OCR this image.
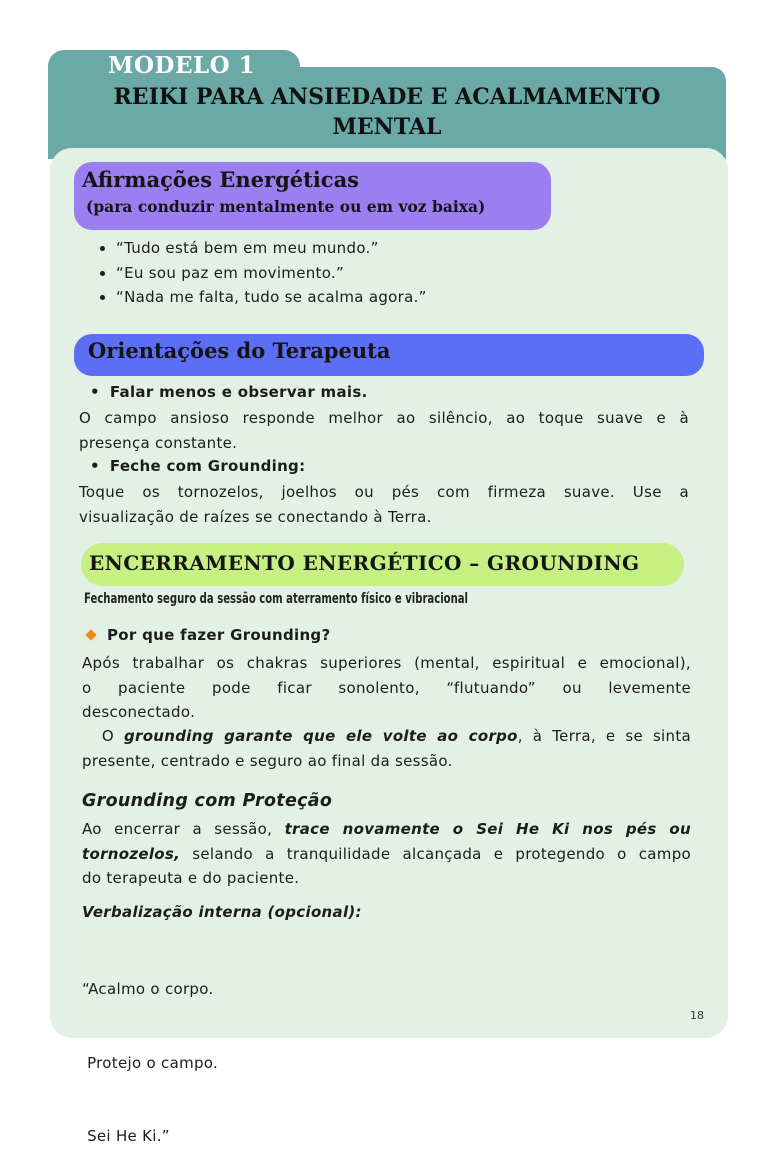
MODELO 1
REIKI PARA ANSIEDADE E ACALMAMENTO
MENTAL
Afirmações Energéticas
(para conduzir mentalmente ou em voz baixa)
• “Tudo está bem em meu mundo.”
• “Eu sou paz em movimento.”
• “Nada me falta, tudo se acalma agora.”
Orientações do Terapeuta
• Falar menos e observar mais.
O campo ansioso responde melhor ao silêncio, ao toque suave e à
presença constante.
• Feche com Grounding:
Toque os tornozelos, joelhos ou pés com firmeza suave. Use a
visualização de raízes se conectando à Terra.
ENCERRAMENTO ENERGÉTICO – GROUNDING
Fechamento seguro da sessão com aterramento físico e vibracional
Por que fazer Grounding?
Após trabalhar os chakras superiores (mental, espiritual e emocional),
o paciente pode ficar sonolento, “flutuando” ou levemente
desconectado.
O grounding garante que ele volte ao corpo, à Terra, e se sinta
presente, centrado e seguro ao final da sessão.
Grounding com Proteção
Ao encerrar a sessão, trace novamente o Sei He Ki nos pés ou
tornozelos, selando a tranquilidade alcançada e protegendo o campo
do terapeuta e do paciente.
Verbalização interna (opcional):

“Acalmo o corpo.

Protejo o campo.

Sei He Ki.”

18
